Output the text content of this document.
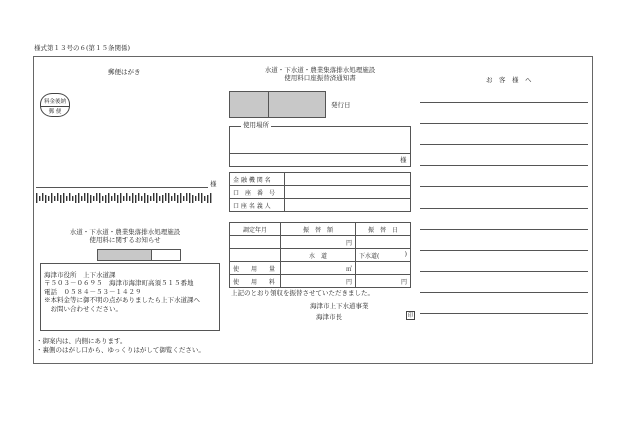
様式第１３号の６(第１５条関係)
郵便はがき
料金後納
郵 便
様
水道・下水道・農業集落排水処理施設
使用料に関するお知らせ
海津市役所　上下水道課
〒５０３－０６９５　海津市海津町高須５１５番地
電話　０５８４－５３－１４２９
※本料金等に御不明の点がありましたら上下水道課へ
　お問い合わせください。
・御案内は、内側にあります。
・裏側のはがし口から、ゆっくりはがして御覧ください。
水道・下水道・農業集落排水処理施設
使用料口座振替済通知書
発行日
使用場所
様
金 融 機 関 名	
口　座　番　号	
口 座 名 義 人	
調定年月	振　替　額	振　替　日
	円	
	水　道	下水道( )

使　　用　　量	㎥	
使　　用　　料	円	円
上記のとおり領収を振替させていただきました。
海津市上下水道事業
海津市長	印
お　客　様　へ
